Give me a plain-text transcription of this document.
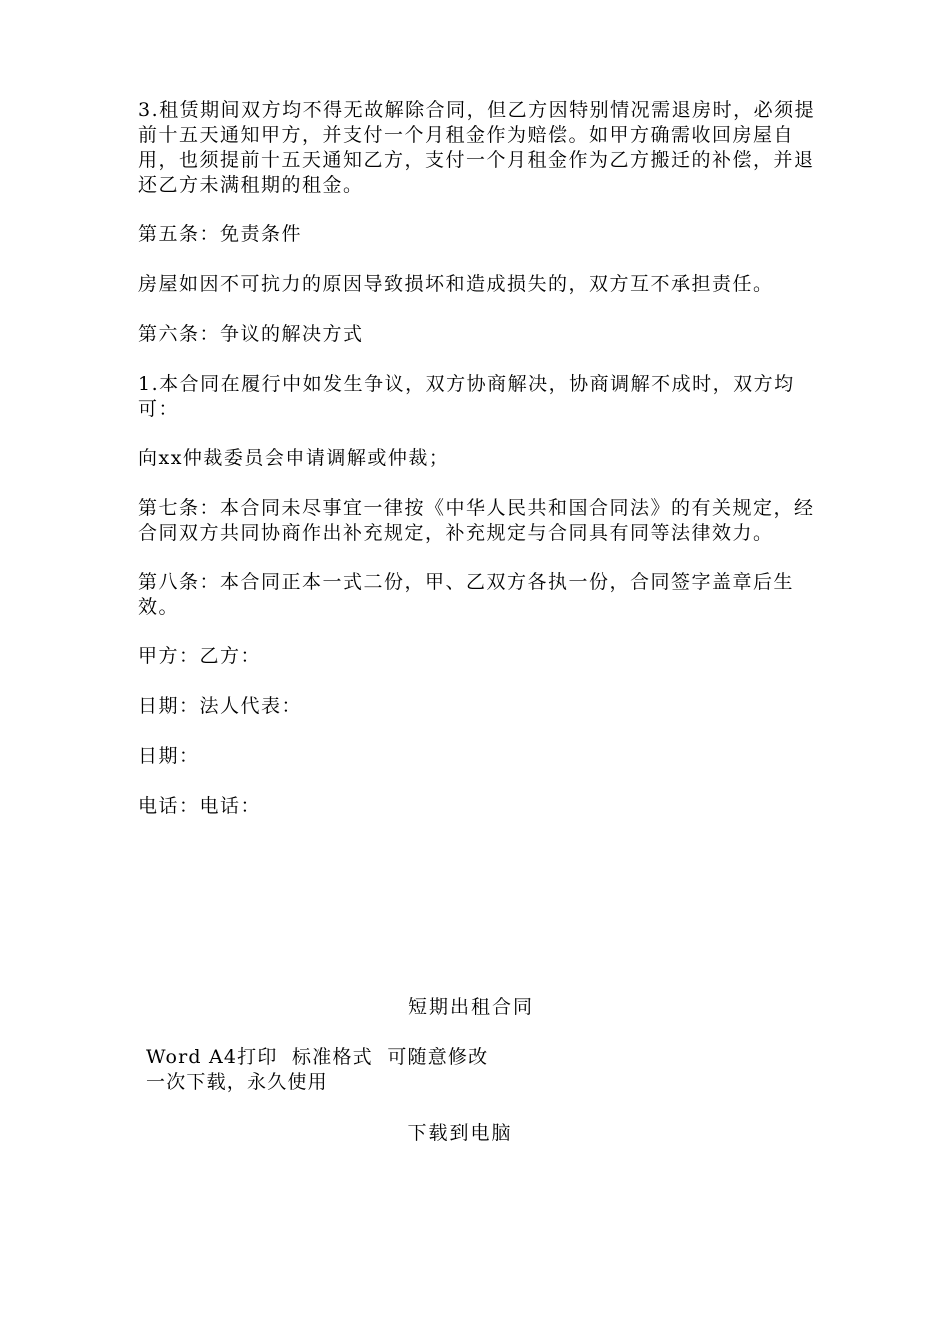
3.租赁期间双方均不得无故解除合同，但乙方因特别情况需退房时，必须提前十五天通知甲方，并支付一个月租金作为赔偿。如甲方确需收回房屋自用，也须提前十五天通知乙方，支付一个月租金作为乙方搬迁的补偿，并退还乙方未满租期的租金。

第五条：免责条件

房屋如因不可抗力的原因导致损坏和造成损失的，双方互不承担责任。

第六条：争议的解决方式

1.本合同在履行中如发生争议，双方协商解决，协商调解不成时，双方均可：

向xx仲裁委员会申请调解或仲裁；

第七条：本合同未尽事宜一律按《中华人民共和国合同法》的有关规定，经合同双方共同协商作出补充规定，补充规定与合同具有同等法律效力。

第八条：本合同正本一式二份，甲、乙双方各执一份，合同签字盖章后生效。

甲方：乙方：

日期：法人代表：

日期：

电话：电话：

短期出租合同
Word A4打印  标准格式  可随意修改
一次下载，永久使用
下载到电脑
